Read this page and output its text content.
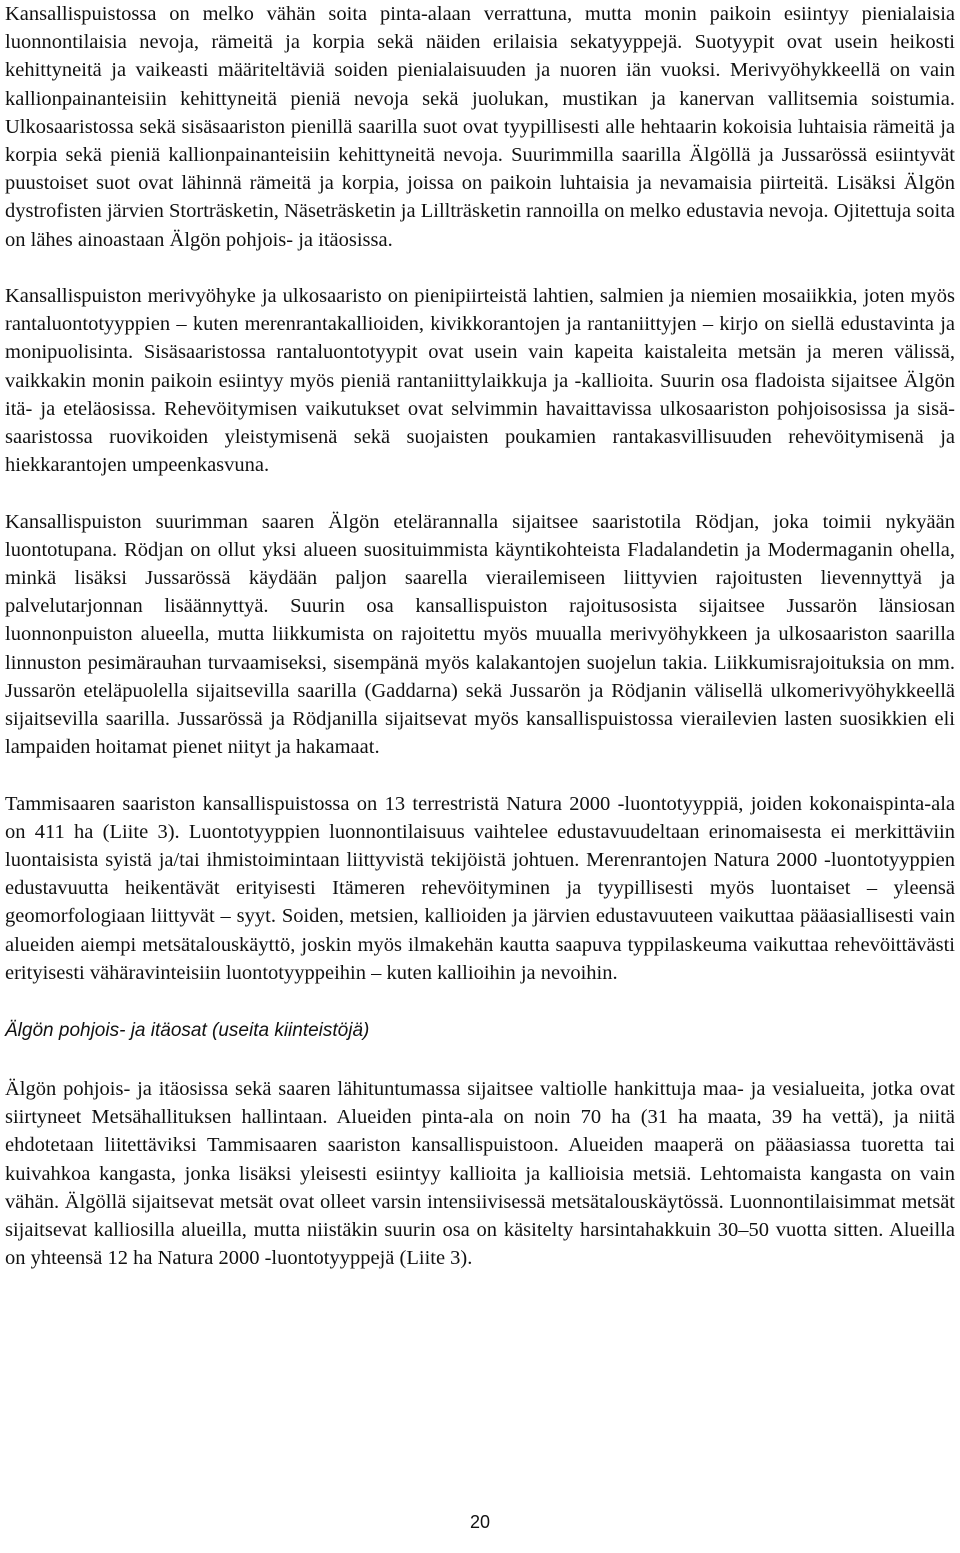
Kansallispuistossa on melko vähän soita pinta-alaan verrattuna, mutta monin paikoin esiintyy pienialaisia luonnontilaisia nevoja, rämeitä ja korpia sekä näiden erilaisia sekatyyppejä. Suotyypit ovat usein heikosti kehittyneitä ja vaikeasti määriteltäviä soiden pienialaisuuden ja nuoren iän vuoksi. Merivyöhykkeellä on vain kallionpainanteisiin kehittyneitä pieniä nevoja sekä juolukan, mustikan ja kanervan vallitsemia soistumia. Ulkosaaristossa sekä sisäsaariston pienillä saarilla suot ovat tyypillisesti alle hehtaarin kokoisia luhtaisia rämeitä ja korpia sekä pieniä kallionpainanteisiin kehittyneitä nevoja. Suurimmilla saarilla Älgöllä ja Jussarössä esiintyvät puustoiset suot ovat lähinnä rämeitä ja korpia, joissa on paikoin luhtaisia ja nevamaisia piirteitä. Lisäksi Älgön dystrofisten järvien Storträsketin, Näseträsketin ja Lillträsketin rannoilla on melko edustavia nevoja. Ojitettuja soita on lähes ainoastaan Älgön pohjois- ja itäosissa.

Kansallispuiston merivyöhyke ja ulkosaaristo on pienipiirteistä lahtien, salmien ja niemien mosaiikkia, joten myös rantaluontotyyppien – kuten merenrantakallioiden, kivikkorantojen ja rantaniittyjen – kirjo on siellä edustavinta ja monipuolisinta. Sisäsaaristossa rantaluontotyypit ovat usein vain kapeita kaistaleita metsän ja meren välissä, vaikkakin monin paikoin esiintyy myös pieniä rantaniittylaikkuja ja -kallioita. Suurin osa fladoista sijaitsee Älgön itä- ja eteläosissa. Rehevöitymisen vaikutukset ovat selvimmin havaittavissa ulkosaariston pohjoisosissa ja sisäsaaristossa ruovikoiden yleistymisenä sekä suojaisten poukamien rantakasvillisuuden rehevöitymisenä ja hiekkarantojen umpeenkasvuna.

Kansallispuiston suurimman saaren Älgön etelärannalla sijaitsee saaristotila Rödjan, joka toimii nykyään luontotupana. Rödjan on ollut yksi alueen suosituimmista käyntikohteista Fladalandetin ja Modermaganin ohella, minkä lisäksi Jussarössä käydään paljon saarella vierailemiseen liittyvien rajoitusten lievennyttyä ja palvelutarjonnan lisäännyttyä. Suurin osa kansallispuiston rajoitusosista sijaitsee Jussarön länsiosan luonnonpuiston alueella, mutta liikkumista on rajoitettu myös muualla merivyöhykkeen ja ulkosaariston saarilla linnuston pesimärauhan turvaamiseksi, sisempänä myös kalakantojen suojelun takia. Liikkumisrajoituksia on mm. Jussarön eteläpuolella sijaitsevilla saarilla (Gaddarna) sekä Jussarön ja Rödjanin välisellä ulkomerivyöhykkeellä sijaitsevilla saarilla. Jussarössä ja Rödjanilla sijaitsevat myös kansallispuistossa vierailevien lasten suosikkien eli lampaiden hoitamat pienet niityt ja hakamaat.

Tammisaaren saariston kansallispuistossa on 13 terrestristä Natura 2000 -luontotyyppiä, joiden kokonaispinta-ala on 411 ha (Liite 3). Luontotyyppien luonnontilaisuus vaihtelee edustavuudeltaan erinomaisesta ei merkittäviin luontaisista syistä ja/tai ihmistoimintaan liittyvistä tekijöistä johtuen. Merenrantojen Natura 2000 -luontotyyppien edustavuutta heikentävät erityisesti Itämeren rehevöityminen ja tyypillisesti myös luontaiset – yleensä geomorfologiaan liittyvät – syyt. Soiden, metsien, kallioiden ja järvien edustavuuteen vaikuttaa pääasiallisesti vain alueiden aiempi metsätalouskäyttö, joskin myös ilmakehän kautta saapuva typpilaskeuma vaikuttaa rehevöittävästi erityisesti vähäravinteisiin luontotyyppeihin – kuten kallioihin ja nevoihin.

Älgön pohjois- ja itäosat (useita kiinteistöjä)

Älgön pohjois- ja itäosissa sekä saaren lähituntumassa sijaitsee valtiolle hankittuja maa- ja vesialueita, jotka ovat siirtyneet Metsähallituksen hallintaan. Alueiden pinta-ala on noin 70 ha (31 ha maata, 39 ha vettä), ja niitä ehdotetaan liitettäviksi Tammisaaren saariston kansallispuistoon. Alueiden maaperä on pääasiassa tuoretta tai kuivahkoa kangasta, jonka lisäksi yleisesti esiintyy kallioita ja kallioisia metsiä. Lehtomaista kangasta on vain vähän. Älgöllä sijaitsevat metsät ovat olleet varsin intensiivisessä metsätalouskäytössä. Luonnontilaisimmat metsät sijaitsevat kalliosilla alueilla, mutta niistäkin suurin osa on käsitelty harsintahakkuin 30–50 vuotta sitten. Alueilla on yhteensä 12 ha Natura 2000 -luontotyyppejä (Liite 3).

20
